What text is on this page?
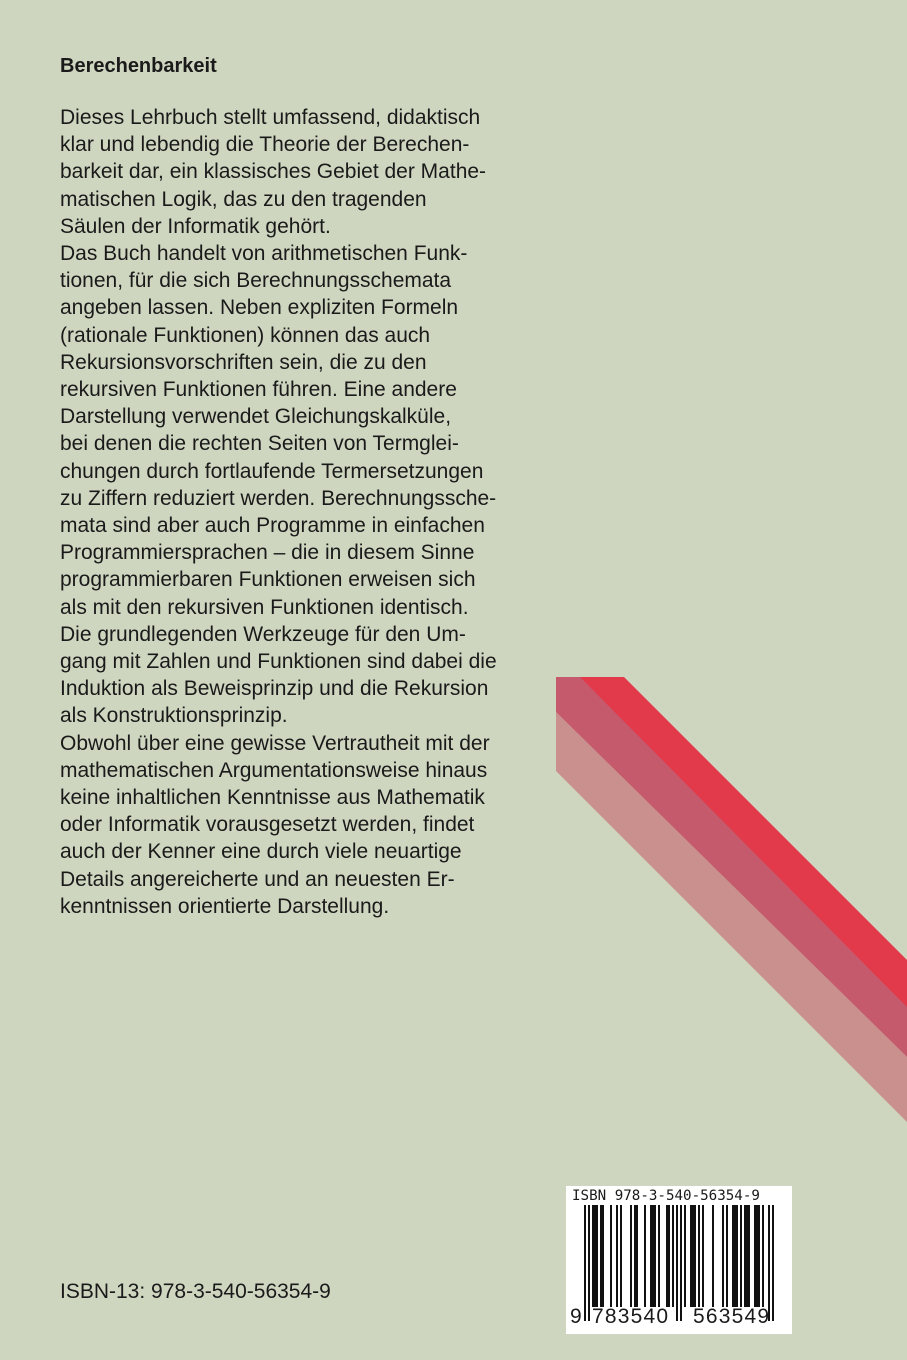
Berechenbarkeit
Dieses Lehrbuch stellt umfassend, didaktisch
klar und lebendig die Theorie der Berechen-
barkeit dar, ein klassisches Gebiet der Mathe-
matischen Logik, das zu den tragenden
Säulen der Informatik gehört.
Das Buch handelt von arithmetischen Funk-
tionen, für die sich Berechnungsschemata
angeben lassen. Neben expliziten Formeln
(rationale Funktionen) können das auch
Rekursionsvorschriften sein, die zu den
rekursiven Funktionen führen. Eine andere
Darstellung verwendet Gleichungskalküle,
bei denen die rechten Seiten von Termglei-
chungen durch fortlaufende Termersetzungen
zu Ziffern reduziert werden. Berechnungssche-
mata sind aber auch Programme in einfachen
Programmiersprachen – die in diesem Sinne
programmierbaren Funktionen erweisen sich
als mit den rekursiven Funktionen identisch.
Die grundlegenden Werkzeuge für den Um-
gang mit Zahlen und Funktionen sind dabei die
Induktion als Beweisprinzip und die Rekursion
als Konstruktionsprinzip.
Obwohl über eine gewisse Vertrautheit mit der
mathematischen Argumentationsweise hinaus
keine inhaltlichen Kenntnisse aus Mathematik
oder Informatik vorausgesetzt werden, findet
auch der Kenner eine durch viele neuartige
Details angereicherte und an neuesten Er-
kenntnissen orientierte Darstellung.
ISBN-13: 978-3-540-56354-9
ISBN 978-3-540-56354-9
9 783540 563549
